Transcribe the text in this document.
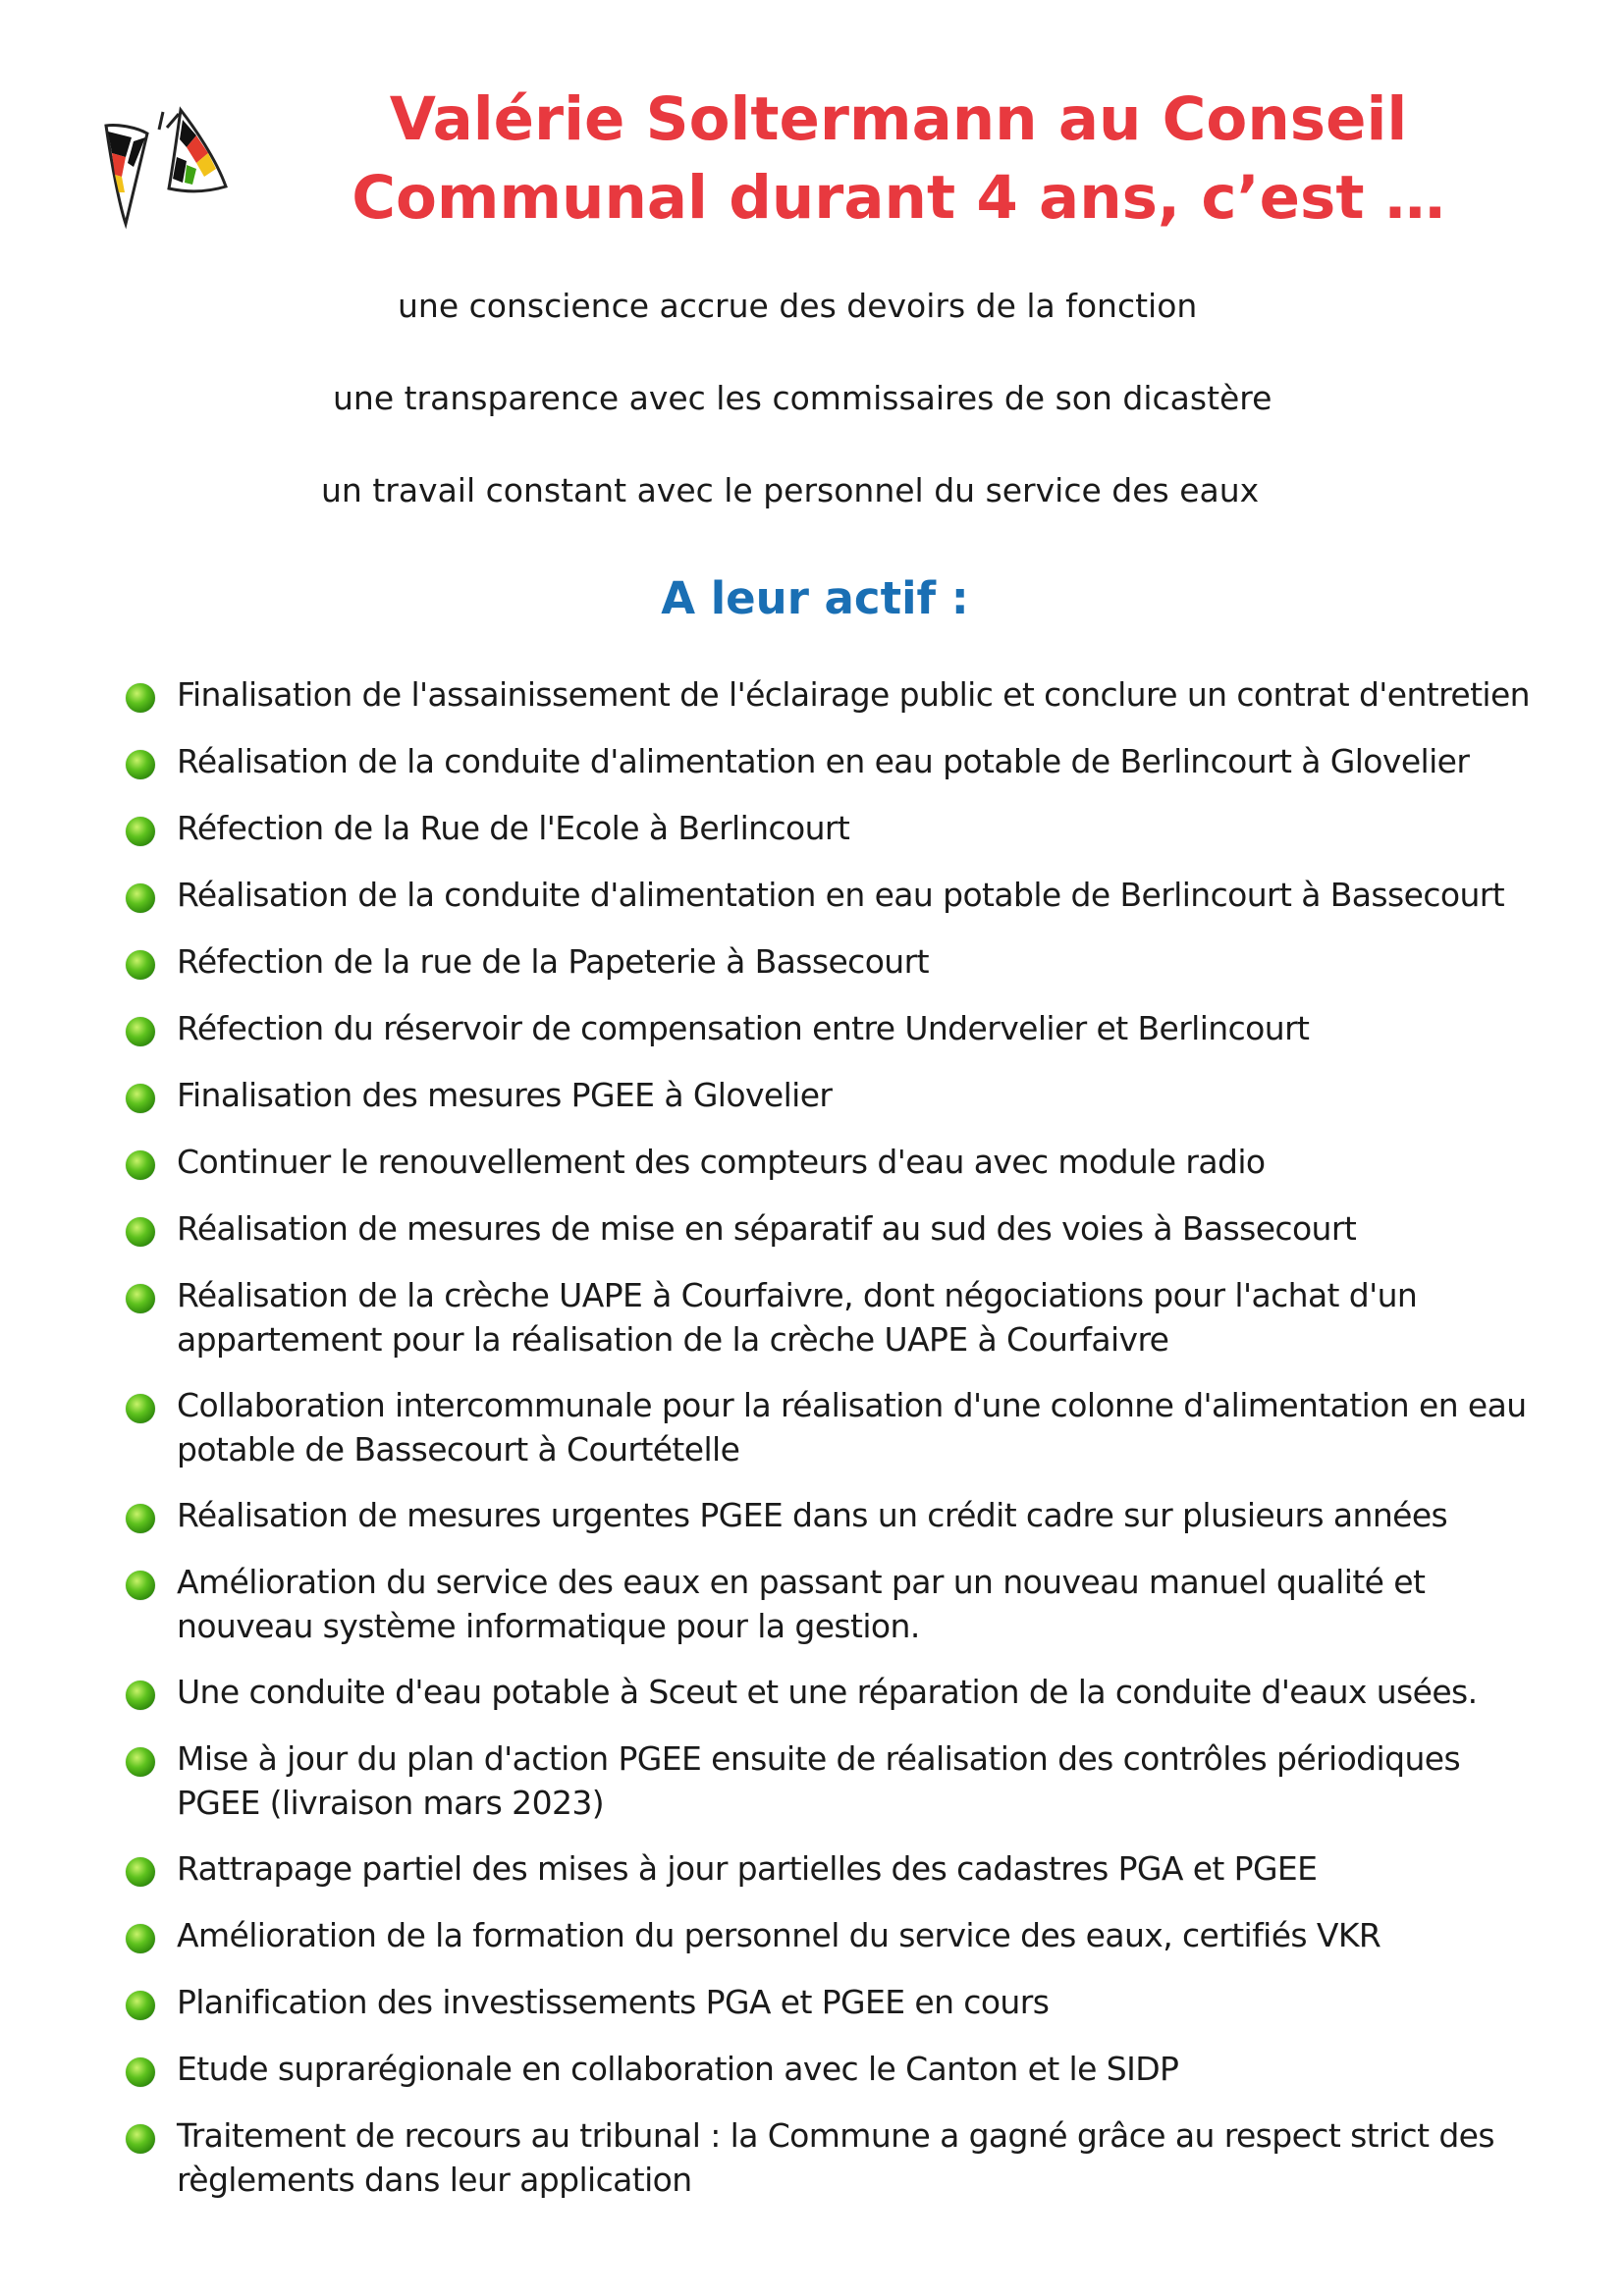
Valérie Soltermann au Conseil
Communal durant 4 ans, c’est …
une conscience accrue des devoirs de la fonction
une transparence avec les commissaires de son dicastère
un travail constant avec le personnel du service des eaux
A leur actif :
Finalisation de l'assainissement de l'éclairage public et conclure un contrat d'entretien
Réalisation de la conduite d'alimentation en eau potable de Berlincourt à Glovelier
Réfection de la Rue de l'Ecole à Berlincourt
Réalisation de la conduite d'alimentation en eau potable de Berlincourt à Bassecourt
Réfection de la rue de la Papeterie à Bassecourt
Réfection du réservoir de compensation entre Undervelier et Berlincourt
Finalisation des mesures PGEE à Glovelier
Continuer le renouvellement des compteurs d'eau avec module radio
Réalisation de mesures de mise en séparatif au sud des voies à Bassecourt
Réalisation de la crèche UAPE à Courfaivre, dont négociations pour l'achat d'un appartement pour la réalisation de la crèche UAPE à Courfaivre
Collaboration intercommunale pour la réalisation d'une colonne d'alimentation en eau potable de Bassecourt à Courtételle
Réalisation de mesures urgentes PGEE dans un crédit cadre sur plusieurs années
Amélioration du service des eaux en passant par un nouveau manuel qualité et nouveau système informatique pour la gestion.
Une conduite d'eau potable à Sceut et une réparation de la conduite d'eaux usées.
Mise à jour du plan d'action PGEE ensuite de réalisation des contrôles périodiques PGEE (livraison mars 2023)
Rattrapage partiel des mises à jour partielles des cadastres PGA et PGEE
Amélioration de la formation du personnel du service des eaux, certifiés VKR
Planification des investissements PGA et PGEE en cours
Etude suprarégionale en collaboration avec le Canton et le SIDP
Traitement de recours au tribunal : la Commune a gagné grâce au respect strict des règlements dans leur application
